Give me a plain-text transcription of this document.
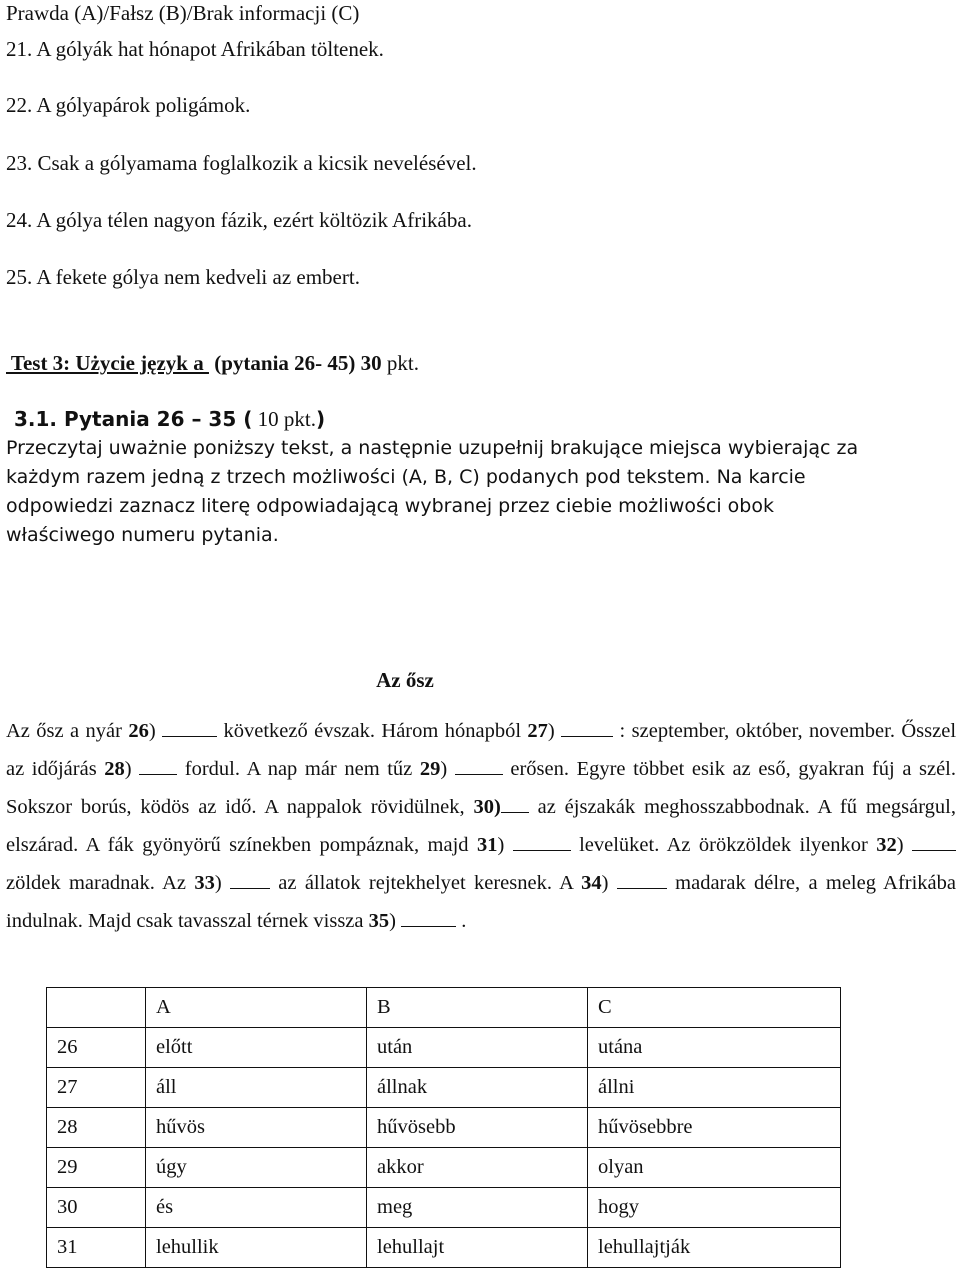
Prawda (A)/Fałsz (B)/Brak informacji (C)
21. A gólyák hat hónapot Afrikában töltenek.
22. A gólyapárok poligámok.
23. Csak a gólyamama foglalkozik a kicsik nevelésével.
24. A gólya télen nagyon fázik, ezért költözik Afrikába.
25. A fekete gólya nem kedveli az embert.
Test 3: Użycie język a  (pytania 26- 45) 30 pkt.
3.1. Pytania 26 – 35 ( 10 pkt.)
Przeczytaj uważnie poniższy tekst, a następnie uzupełnij brakujące miejsca wybierając za
każdym razem jedną z trzech możliwości (A, B, C) podanych pod tekstem. Na karcie
odpowiedzi zaznacz literę odpowiadającą wybranej przez ciebie możliwości obok
właściwego numeru pytania.
Az ősz
Az ősz a nyár 26)	következő évszak. Három hónapból 27)	: szeptember, október, november. Ősszel az időjárás 28)  fordul. A nap már nem tűz 29)  erősen. Egyre többet esik az eső, gyakran fúj a szél. Sokszor borús, ködös az idő. A nappalok rövidülnek, 30) az éjszakák meghosszabbodnak. A fű megsárgul, elszárad. A fák gyönyörű színekben pompáznak, majd 31)	levelüket. Az örökzöldek ilyenkor 32) zöldek maradnak. Az 33)  az állatok rejtekhelyet keresnek. A 34)  madarak délre, a meleg Afrikába indulnak. Majd csak tavasszal térnek vissza 35)	.
	A	B	C
26	előtt	után	utána
27	áll	állnak	állni
28	hűvös	hűvösebb	hűvösebbre
29	úgy	akkor	olyan
30	és	meg	hogy
31	lehullik	lehullajt	lehullajtják
